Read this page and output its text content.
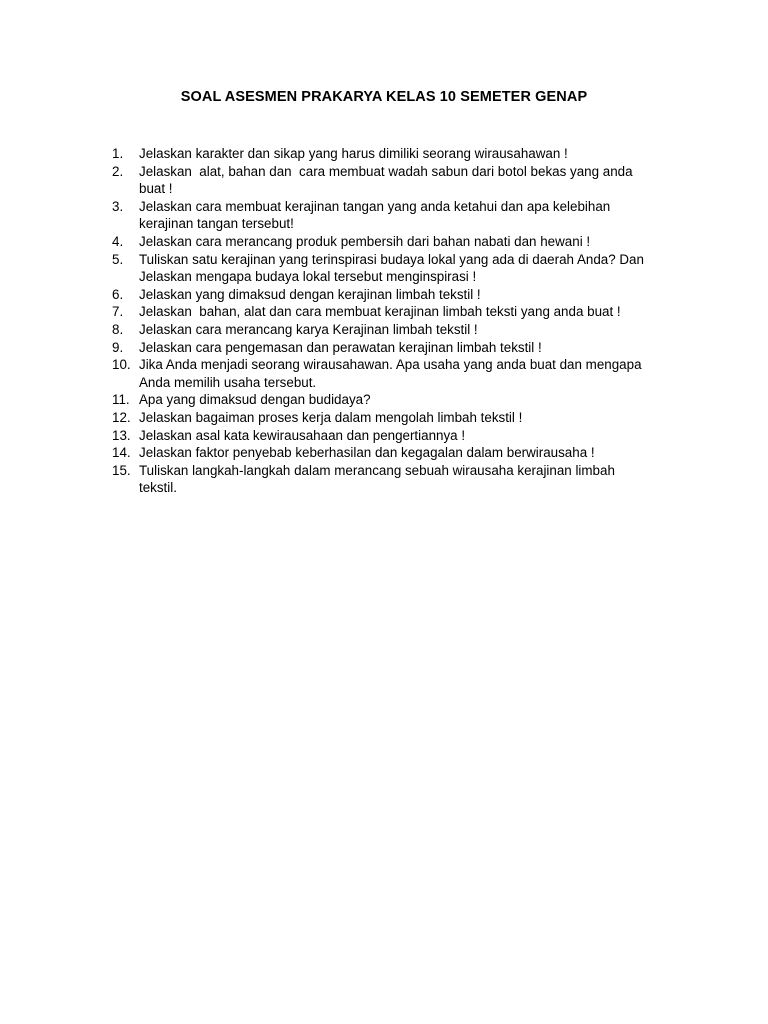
SOAL ASESMEN PRAKARYA KELAS 10 SEMETER GENAP
1.	Jelaskan karakter dan sikap yang harus dimiliki seorang wirausahawan !
2.	Jelaskan  alat, bahan dan  cara membuat wadah sabun dari botol bekas yang anda
buat !
3.	Jelaskan cara membuat kerajinan tangan yang anda ketahui dan apa kelebihan
kerajinan tangan tersebut!
4.	Jelaskan cara merancang produk pembersih dari bahan nabati dan hewani !
5.	Tuliskan satu kerajinan yang terinspirasi budaya lokal yang ada di daerah Anda? Dan
Jelaskan mengapa budaya lokal tersebut menginspirasi !
6.	Jelaskan yang dimaksud dengan kerajinan limbah tekstil !
7.	Jelaskan  bahan, alat dan cara membuat kerajinan limbah teksti yang anda buat !
8.	Jelaskan cara merancang karya Kerajinan limbah tekstil !
9.	Jelaskan cara pengemasan dan perawatan kerajinan limbah tekstil !
10. Jika Anda menjadi seorang wirausahawan. Apa usaha yang anda buat dan mengapa
Anda memilih usaha tersebut.
11. Apa yang dimaksud dengan budidaya?
12. Jelaskan bagaiman proses kerja dalam mengolah limbah tekstil !
13. Jelaskan asal kata kewirausahaan dan pengertiannya !
14. Jelaskan faktor penyebab keberhasilan dan kegagalan dalam berwirausaha !
15. Tuliskan langkah-langkah dalam merancang sebuah wirausaha kerajinan limbah
tekstil.
